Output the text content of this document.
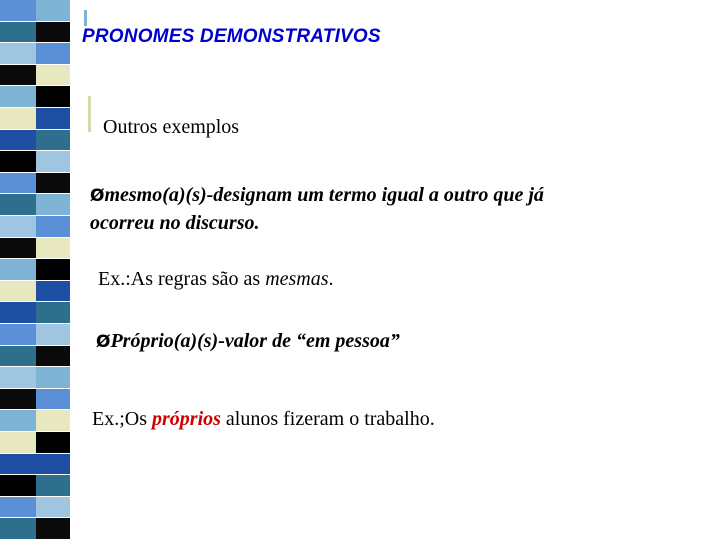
PRONOMES DEMONSTRATIVOS
Outros exemplos
Ømesmo(a)(s)-designam um termo igual a outro que já
ocorreu no discurso.
Ex.:As regras são as mesmas.
ØPróprio(a)(s)-valor de “em pessoa”
Ex.;Os próprios alunos fizeram o trabalho.
